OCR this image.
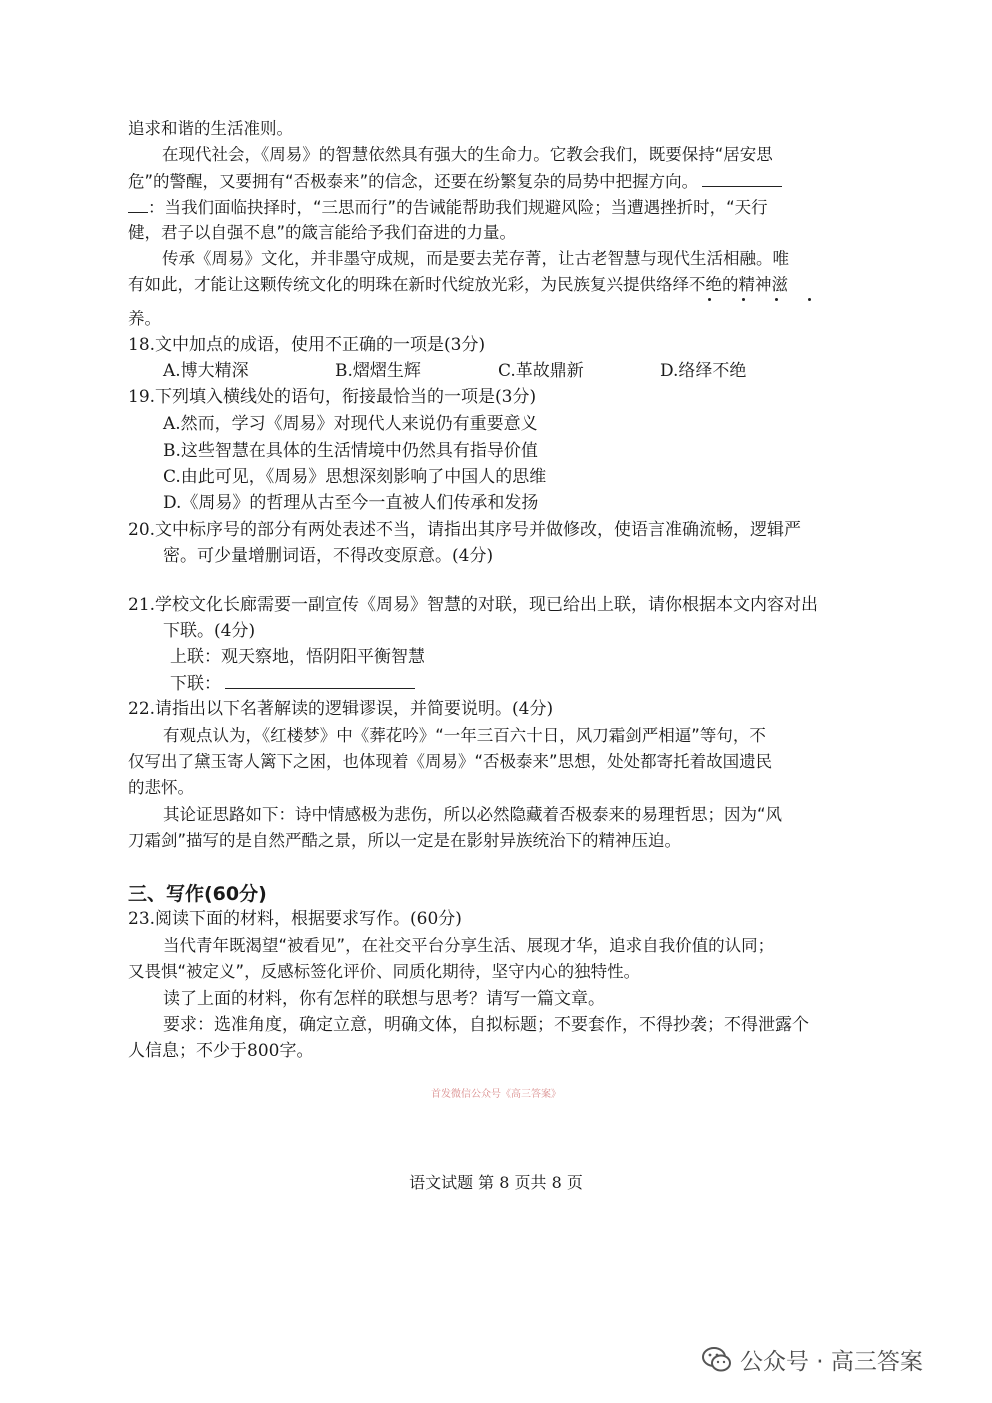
追求和谐的生活准则。
在现代社会，《周易》的智慧依然具有强大的生命力。它教会我们，既要保持“居安思
危”的警醒，又要拥有“否极泰来”的信念，还要在纷繁复杂的局势中把握方向。
：当我们面临抉择时，“三思而行”的告诫能帮助我们规避风险；当遭遇挫折时，“天行
健，君子以自强不息”的箴言能给予我们奋进的力量。
传承《周易》文化，并非墨守成规，而是要去芜存菁，让古老智慧与现代生活相融。唯
有如此，才能让这颗传统文化的明珠在新时代绽放光彩，为民族复兴提供络绎不绝的精神滋
养。
18.文中加点的成语，使用不正确的一项是(3分)
A.博大精深	B.熠熠生辉	C.革故鼎新	D.络绎不绝
19.下列填入横线处的语句，衔接最恰当的一项是(3分)
A.然而，学习《周易》对现代人来说仍有重要意义
B.这些智慧在具体的生活情境中仍然具有指导价值
C.由此可见，《周易》思想深刻影响了中国人的思维
D.《周易》的哲理从古至今一直被人们传承和发扬
20.文中标序号的部分有两处表述不当，请指出其序号并做修改，使语言准确流畅，逻辑严
密。可少量增删词语，不得改变原意。(4分)
21.学校文化长廊需要一副宣传《周易》智慧的对联，现已给出上联，请你根据本文内容对出
下联。(4分)
上联：观天察地，悟阴阳平衡智慧
下联：
22.请指出以下名著解读的逻辑谬误，并简要说明。(4分)
有观点认为，《红楼梦》中《葬花吟》“一年三百六十日，风刀霜剑严相逼”等句，不
仅写出了黛玉寄人篱下之困，也体现着《周易》“否极泰来”思想，处处都寄托着故国遗民
的悲怀。
其论证思路如下：诗中情感极为悲伤，所以必然隐藏着否极泰来的易理哲思；因为“风
刀霜剑”描写的是自然严酷之景，所以一定是在影射异族统治下的精神压迫。
三、写作(60分)
23.阅读下面的材料，根据要求写作。(60分)
当代青年既渴望“被看见”，在社交平台分享生活、展现才华，追求自我价值的认同；
又畏惧“被定义”，反感标签化评价、同质化期待，坚守内心的独特性。
读了上面的材料，你有怎样的联想与思考？请写一篇文章。
要求：选准角度，确定立意，明确文体，自拟标题；不要套作，不得抄袭；不得泄露个
人信息；不少于800字。
首发微信公众号《高三答案》
语文试题 第 8 页共 8 页
公众号 · 高三答案
